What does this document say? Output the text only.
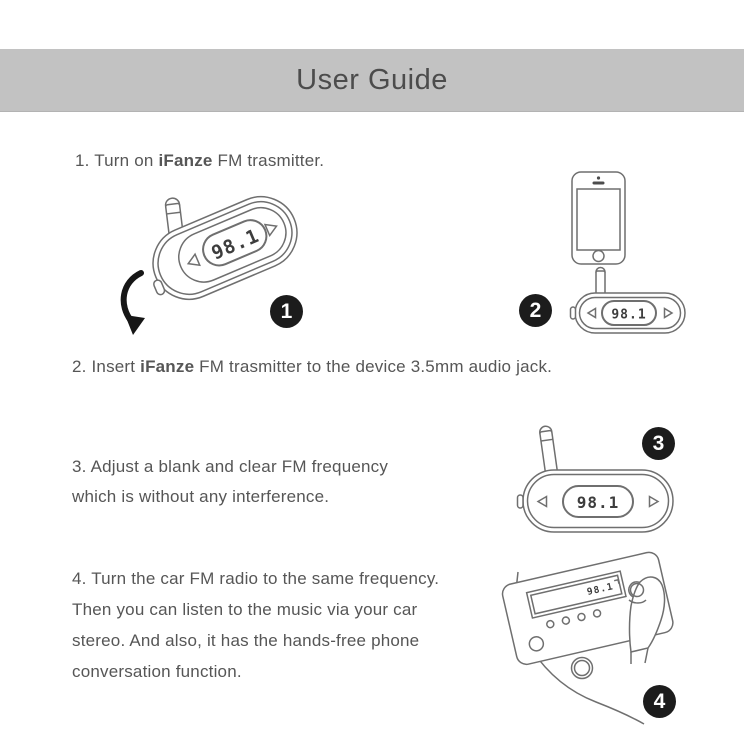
User Guide
1. Turn on iFanze FM trasmitter.
98.1
1	98.1
2
2. Insert iFanze FM trasmitter to the device 3.5mm audio jack.
3. Adjust a blank and clear FM frequency
which is without any interference.	98.1
3
4. Turn the car FM radio to the same frequency.
Then you can listen to the music via your car
stereo. And also, it has the hands-free phone
conversation function.
98.1
4
